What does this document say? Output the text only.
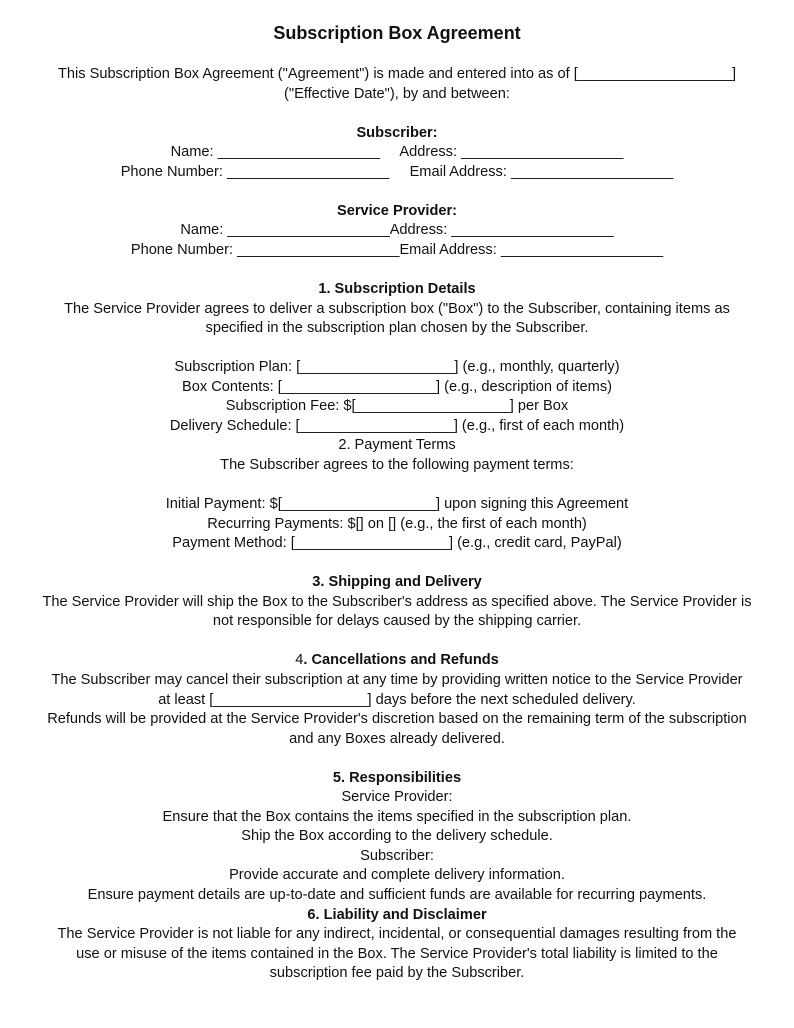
Subscription Box Agreement
This Subscription Box Agreement ("Agreement") is made and entered into as of [___________________]
("Effective Date"), by and between:
Subscriber:
Name: ____________________     Address: ____________________
Phone Number: ____________________     Email Address: ____________________
Service Provider:
Name: ____________________Address: ____________________
Phone Number: ____________________Email Address: ____________________
1. Subscription Details
The Service Provider agrees to deliver a subscription box ("Box") to the Subscriber, containing items as
specified in the subscription plan chosen by the Subscriber.
Subscription Plan: [___________________] (e.g., monthly, quarterly)
Box Contents: [___________________] (e.g., description of items)
Subscription Fee: $[___________________] per Box
Delivery Schedule: [___________________] (e.g., first of each month)
2. Payment Terms
The Subscriber agrees to the following payment terms:
Initial Payment: $[___________________] upon signing this Agreement
Recurring Payments: $[] on [] (e.g., the first of each month)
Payment Method: [___________________] (e.g., credit card, PayPal)
3. Shipping and Delivery
The Service Provider will ship the Box to the Subscriber's address as specified above. The Service Provider is
not responsible for delays caused by the shipping carrier.
4. Cancellations and Refunds
The Subscriber may cancel their subscription at any time by providing written notice to the Service Provider
at least [___________________] days before the next scheduled delivery.
Refunds will be provided at the Service Provider's discretion based on the remaining term of the subscription
and any Boxes already delivered.
5. Responsibilities
Service Provider:
Ensure that the Box contains the items specified in the subscription plan.
Ship the Box according to the delivery schedule.
Subscriber:
Provide accurate and complete delivery information.
Ensure payment details are up-to-date and sufficient funds are available for recurring payments.
6. Liability and Disclaimer
The Service Provider is not liable for any indirect, incidental, or consequential damages resulting from the
use or misuse of the items contained in the Box. The Service Provider's total liability is limited to the
subscription fee paid by the Subscriber.
